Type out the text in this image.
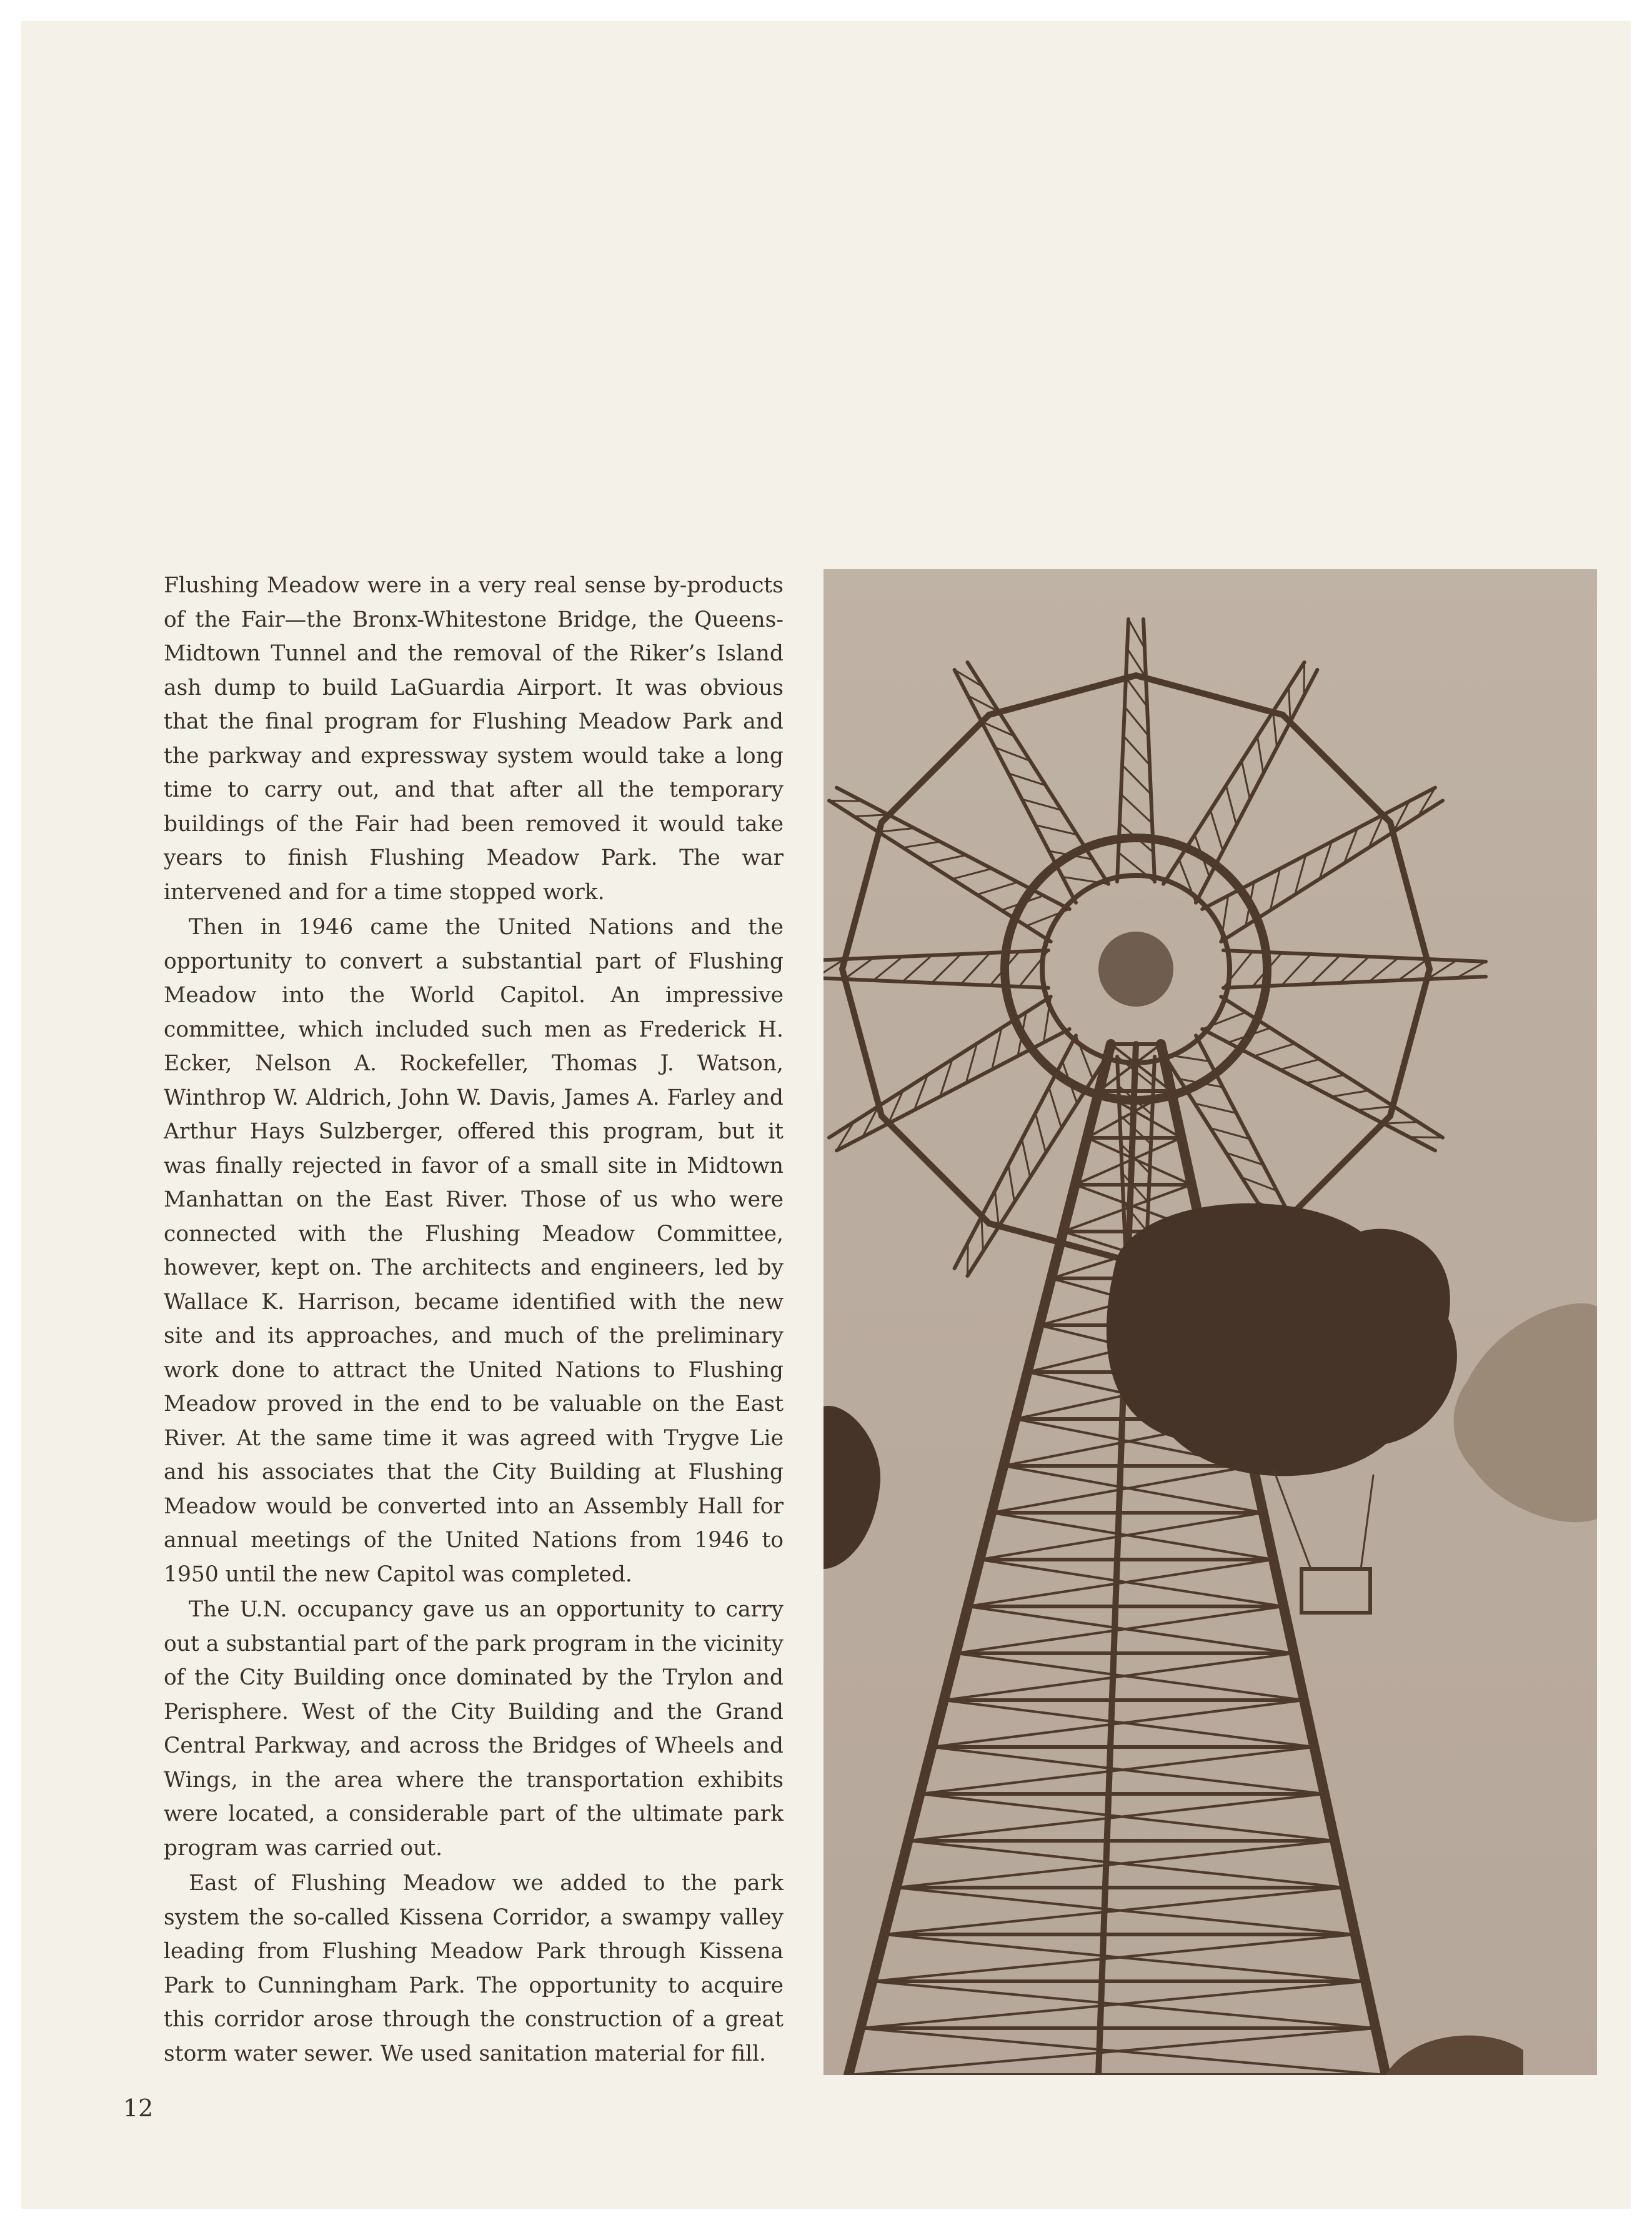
Flushing Meadow were in a very real sense by-products of the Fair—the Bronx-Whitestone Bridge, the Queens-Midtown Tunnel and the removal of the Riker’s Island ash dump to build LaGuardia Airport. It was obvious that the final program for Flushing Meadow Park and the parkway and expressway system would take a long time to carry out, and that after all the temporary buildings of the Fair had been removed it would take years to finish Flushing Meadow Park. The war intervened and for a time stopped work.

Then in 1946 came the United Nations and the opportunity to convert a substantial part of Flushing Meadow into the World Capitol. An impressive committee, which included such men as Frederick H. Ecker, Nelson A. Rockefeller, Thomas J. Watson, Winthrop W. Aldrich, John W. Davis, James A. Farley and Arthur Hays Sulzberger, offered this program, but it was finally rejected in favor of a small site in Midtown Manhattan on the East River. Those of us who were connected with the Flushing Meadow Committee, however, kept on. The architects and engineers, led by Wallace K. Harrison, became identified with the new site and its approaches, and much of the preliminary work done to attract the United Nations to Flushing Meadow proved in the end to be valuable on the East River. At the same time it was agreed with Trygve Lie and his associates that the City Building at Flushing Meadow would be converted into an Assembly Hall for annual meetings of the United Nations from 1946 to 1950 until the new Capitol was completed.

The U.N. occupancy gave us an opportunity to carry out a substantial part of the park program in the vicinity of the City Building once dominated by the Trylon and Perisphere. West of the City Building and the Grand Central Parkway, and across the Bridges of Wheels and Wings, in the area where the transportation exhibits were located, a considerable part of the ultimate park program was carried out.

East of Flushing Meadow we added to the park system the so-called Kissena Corridor, a swampy valley leading from Flushing Meadow Park through Kissena Park to Cunningham Park. The opportunity to acquire this corridor arose through the construction of a great storm water sewer. We used sanitation material for fill.

12
